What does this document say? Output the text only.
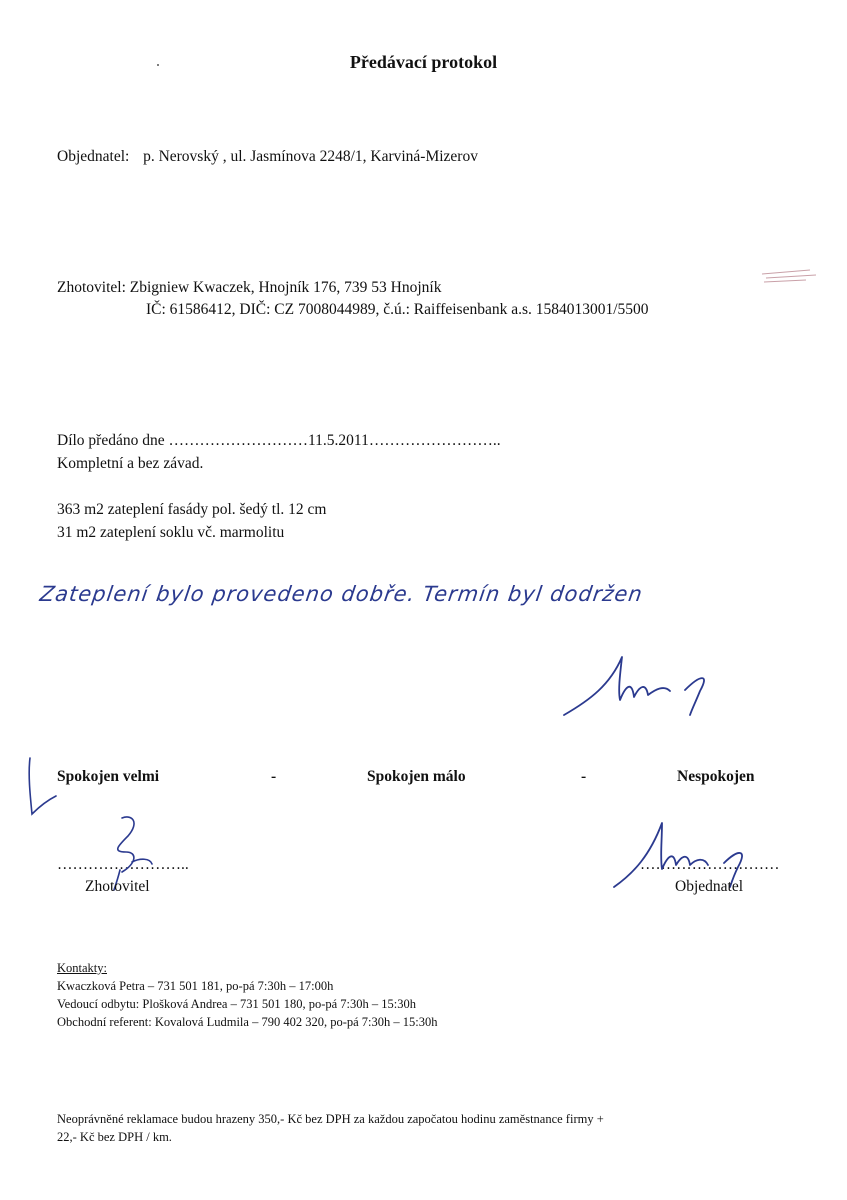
Předávací protokol
Objednatel: p. Nerovský , ul. Jasmínova 2248/1, Karviná-Mizerov
Zhotovitel: Zbigniew Kwaczek, Hnojník 176, 739 53 Hnojník
IČ: 61586412, DIČ: CZ 7008044989, č.ú.: Raiffeisenbank a.s. 1584013001/5500
Dílo předáno dne ………………………11.5.2011……………………..
Kompletní a bez závad.
363 m2 zateplení fasády pol. šedý tl. 12 cm
31 m2 zateplení soklu vč. marmolitu
Zateplení bylo provedeno dobře. Termín byl dodržen
Spokojen velmi	-	Spokojen málo	-	Nespokojen
……………………..
Zhotovitel
………………………
Objednatel
Kontakty:
Kwaczková Petra – 731 501 181, po-pá 7:30h – 17:00h
Vedoucí odbytu: Plošková Andrea – 731 501 180, po-pá 7:30h – 15:30h
Obchodní referent: Kovalová Ludmila – 790 402 320, po-pá 7:30h – 15:30h
Neoprávněné reklamace budou hrazeny 350,- Kč bez DPH za každou započatou hodinu zaměstnance firmy +
22,- Kč bez DPH / km.
